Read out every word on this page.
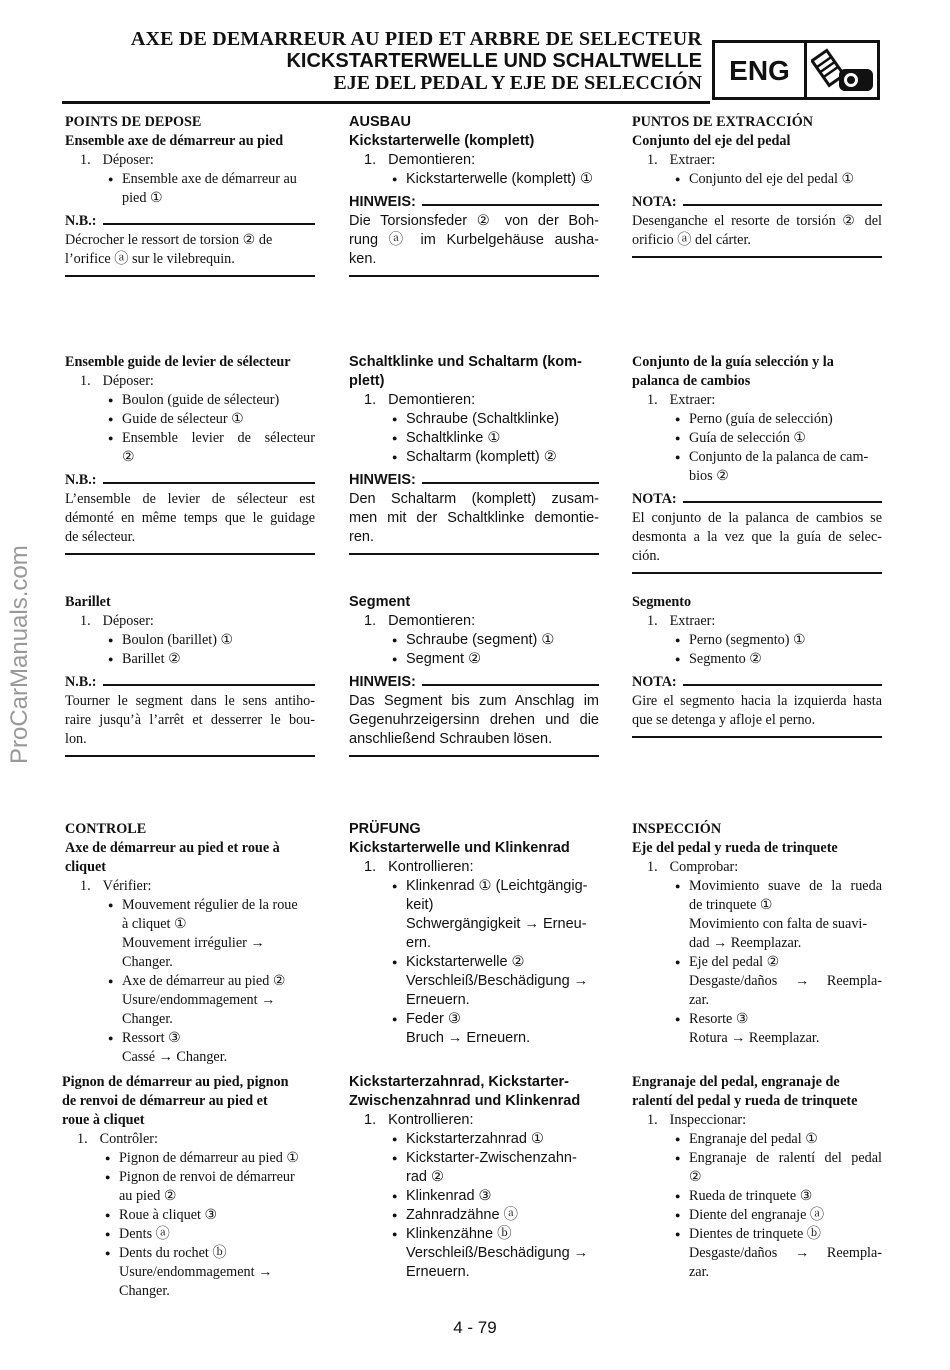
AXE DE DEMARREUR AU PIED ET ARBRE DE SELECTEUR
KICKSTARTERWELLE UND SCHALTWELLE
EJE DEL PEDAL Y EJE DE SELECCIÓN ENG
ProCarManuals.com
POINTS DE DEPOSE
Ensemble axe de démarreur au pied
1. Déposer:
● Ensemble axe de démarreur au
pied ①
N.B.:
Décrocher le ressort de torsion ② de
l’orifice ⓐ sur le vilebrequin.
Ensemble guide de levier de sélecteur
1. Déposer:
● Boulon (guide de sélecteur)
● Guide de sélecteur ①
● Ensemble levier de sélecteur
②
N.B.:
L’ensemble de levier de sélecteur est
démonté en même temps que le guidage
de sélecteur.
Barillet
1. Déposer:
● Boulon (barillet) ①
● Barillet ②
N.B.:
Tourner le segment dans le sens antiho-
raire jusqu’à l’arrêt et desserrer le bou-
lon.
CONTROLE
Axe de démarreur au pied et roue à
cliquet
1. Vérifier:
● Mouvement régulier de la roue
à cliquet ①
Mouvement irrégulier →
Changer.
● Axe de démarreur au pied ②
Usure/endommagement →
Changer.
● Ressort ③
Cassé → Changer.
Pignon de démarreur au pied, pignon
de renvoi de démarreur au pied et
roue à cliquet
1. Contrôler:
● Pignon de démarreur au pied ①
● Pignon de renvoi de démarreur
au pied ②
● Roue à cliquet ③
● Dents ⓐ
● Dents du rochet ⓑ
Usure/endommagement →
Changer.
AUSBAU
Kickstarterwelle (komplett)
1. Demontieren:
● Kickstarterwelle (komplett) ①
HINWEIS:
Die Torsionsfeder ② von der Boh-
rung ⓐ im Kurbelgehäuse ausha-
ken.
Schaltklinke und Schaltarm (kom-
plett)
1. Demontieren:
● Schraube (Schaltklinke)
● Schaltklinke ①
● Schaltarm (komplett) ②
HINWEIS:
Den Schaltarm (komplett) zusam-
men mit der Schaltklinke demontie-
ren.
Segment
1. Demontieren:
● Schraube (segment) ①
● Segment ②
HINWEIS:
Das Segment bis zum Anschlag im
Gegenuhrzeigersinn drehen und die
anschließend Schrauben lösen.
PRÜFUNG
Kickstarterwelle und Klinkenrad
1. Kontrollieren:
● Klinkenrad ① (Leichtgängig-
keit)
Schwergängigkeit → Erneu-
ern.
● Kickstarterwelle ②
Verschleiß/Beschädigung →
Erneuern.
● Feder ③
Bruch → Erneuern.
Kickstarterzahnrad, Kickstarter-
Zwischenzahnrad und Klinkenrad
1. Kontrollieren:
● Kickstarterzahnrad ①
● Kickstarter-Zwischenzahn-
rad ②
● Klinkenrad ③
● Zahnradzähne ⓐ
● Klinkenzähne ⓑ
Verschleiß/Beschädigung →
Erneuern.
PUNTOS DE EXTRACCIÓN
Conjunto del eje del pedal
1. Extraer:
● Conjunto del eje del pedal ①
NOTA:
Desenganche el resorte de torsión ② del
orificio ⓐ del cárter.
Conjunto de la guía selección y la
palanca de cambios
1. Extraer:
● Perno (guía de selección)
● Guía de selección ①
● Conjunto de la palanca de cam-
bios ②
NOTA:
El conjunto de la palanca de cambios se
desmonta a la vez que la guía de selec-
ción.
Segmento
1. Extraer:
● Perno (segmento) ①
● Segmento ②
NOTA:
Gire el segmento hacia la izquierda hasta
que se detenga y afloje el perno.
INSPECCIÓN
Eje del pedal y rueda de trinquete
1. Comprobar:
● Movimiento suave de la rueda
de trinquete ①
Movimiento con falta de suavi-
dad → Reemplazar.
● Eje del pedal ②
Desgaste/daños → Reempla-
zar.
● Resorte ③
Rotura → Reemplazar.
Engranaje del pedal, engranaje de
ralentí del pedal y rueda de trinquete
1. Inspeccionar:
● Engranaje del pedal ①
● Engranaje de ralentí del pedal
②
● Rueda de trinquete ③
● Diente del engranaje ⓐ
● Dientes de trinquete ⓑ
Desgaste/daños → Reempla-
zar.
4 - 79
